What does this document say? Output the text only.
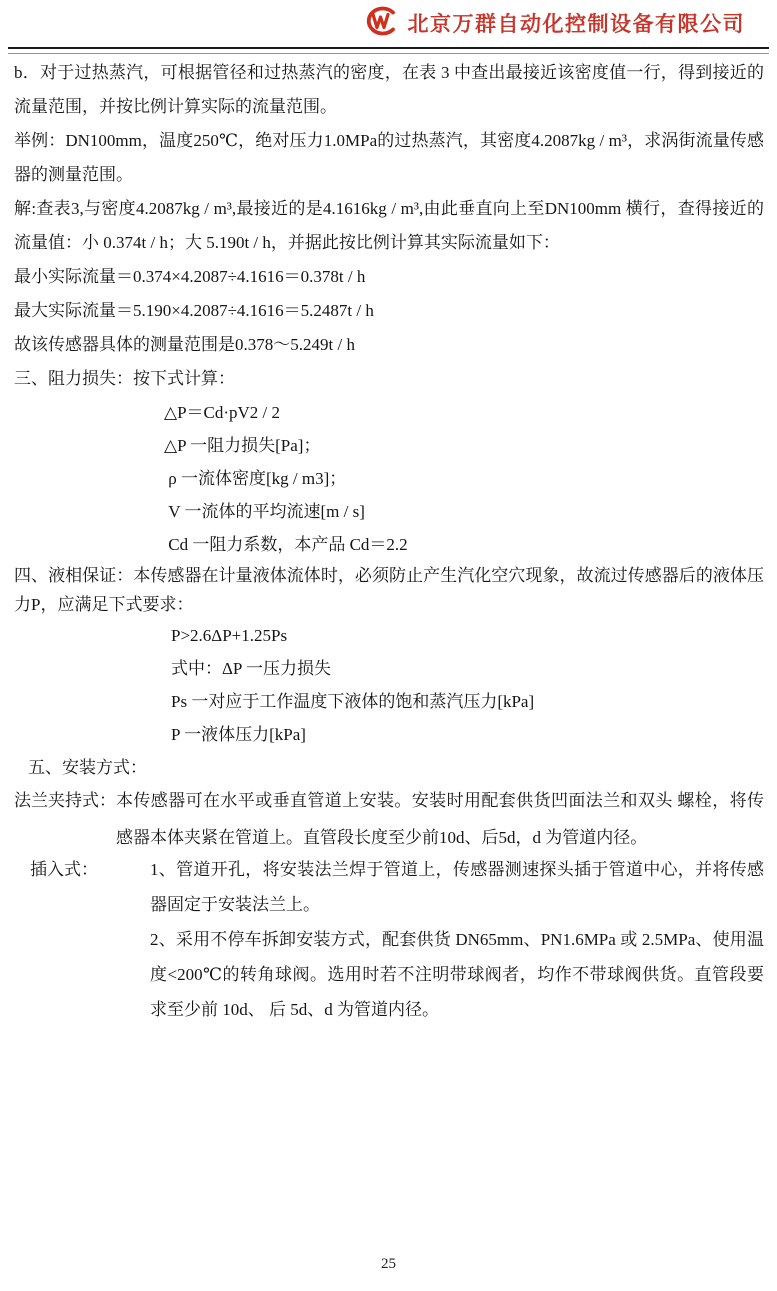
北京万群自动化控制设备有限公司

b．对于过热蒸汽，可根据管径和过热蒸汽的密度，在表 3 中查出最接近该密度值一行，得到接近的流量范围，并按比例计算实际的流量范围。

举例：DN100mm，温度250℃，绝对压力1.0MPa的过热蒸汽，其密度4.2087kg / m³，求涡街流量传感器的测量范围。

解:查表3,与密度4.2087kg / m³,最接近的是4.1616kg / m³,由此垂直向上至DN100mm 横行，查得接近的流量值：小 0.374t / h；大 5.190t / h，并据此按比例计算其实际流量如下：

最小实际流量＝0.374×4.2087÷4.1616＝0.378t / h

最大实际流量＝5.190×4.2087÷4.1616＝5.2487t / h

故该传感器具体的测量范围是0.378～5.249t / h

三、阻力损失：按下式计算：

△P＝Cd·pV2 / 2

△P 一阻力损失[Pa]；

ρ 一流体密度[kg / m3]；

V 一流体的平均流速[m / s]

Cd 一阻力系数，本产品 Cd＝2.2

四、液相保证：本传感器在计量液体流体时，必须防止产生汽化空穴现象，故流过传感器后的液体压力P，应满足下式要求：

P>2.6ΔP+1.25Ps

式中：ΔP 一压力损失

Ps 一对应于工作温度下液体的饱和蒸汽压力[kPa]

P 一液体压力[kPa]

五、安装方式：

法兰夹持式： 本传感器可在水平或垂直管道上安装。安装时用配套供货凹面法兰和双头 螺栓，将传感器本体夹紧在管道上。直管段长度至少前10d、后5d，d 为管道内径。
插入式：	1、管道开孔，将安装法兰焊于管道上，传感器测速探头插于管道中心，并将传感器固定于安装法兰上。

2、采用不停车拆卸安装方式，配套供货 DN65mm、PN1.6MPa 或 2.5MPa、使用温度<200℃的转角球阀。选用时若不注明带球阀者，均作不带球阀供货。直管段要求至少前 10d、 后 5d、d 为管道内径。

25
